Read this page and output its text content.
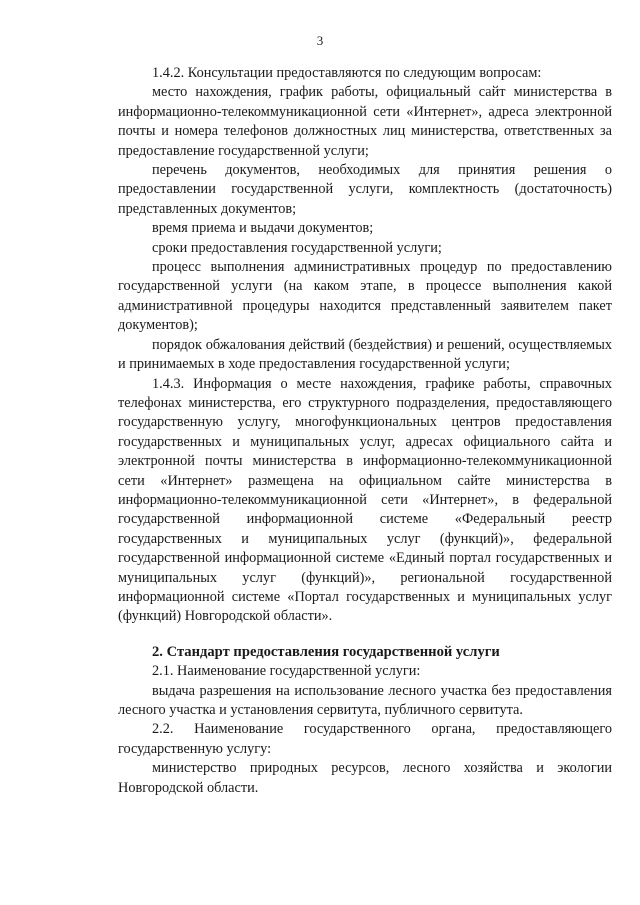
3

1.4.2. Консультации предоставляются по следующим вопросам:

место нахождения, график работы, официальный сайт министерства в информационно-телекоммуникационной сети «Интернет», адреса электронной почты и номера телефонов должностных лиц министерства, ответственных за предоставление государственной услуги;

перечень документов, необходимых для принятия решения о предоставлении государственной услуги, комплектность (достаточность) представленных документов;

время приема и выдачи документов;

сроки предоставления государственной услуги;

процесс выполнения административных процедур по предоставлению государственной услуги (на каком этапе, в процессе выполнения какой административной процедуры находится представленный заявителем пакет документов);

порядок обжалования действий (бездействия) и решений, осуществляемых и принимаемых в ходе предоставления государственной услуги;

1.4.3. Информация о месте нахождения, графике работы, справочных телефонах министерства, его структурного подразделения, предоставляющего государственную услугу, многофункциональных центров предоставления государственных и муниципальных услуг, адресах официального сайта и электронной почты министерства в информационно-телекоммуникационной сети «Интернет» размещена на официальном сайте министерства в информационно-телекоммуникационной сети «Интернет», в федеральной государственной информационной системе «Федеральный реестр государственных и муниципальных услуг (функций)», федеральной государственной информационной системе «Единый портал государственных и муниципальных услуг (функций)», региональной государственной информационной системе «Портал государственных и муниципальных услуг (функций) Новгородской области».

2. Стандарт предоставления государственной услуги

2.1. Наименование государственной услуги:

выдача разрешения на использование лесного участка без предоставления лесного участка и установления сервитута, публичного сервитута.

2.2. Наименование государственного органа, предоставляющего государственную услугу:

министерство природных ресурсов, лесного хозяйства и экологии Новгородской области.
